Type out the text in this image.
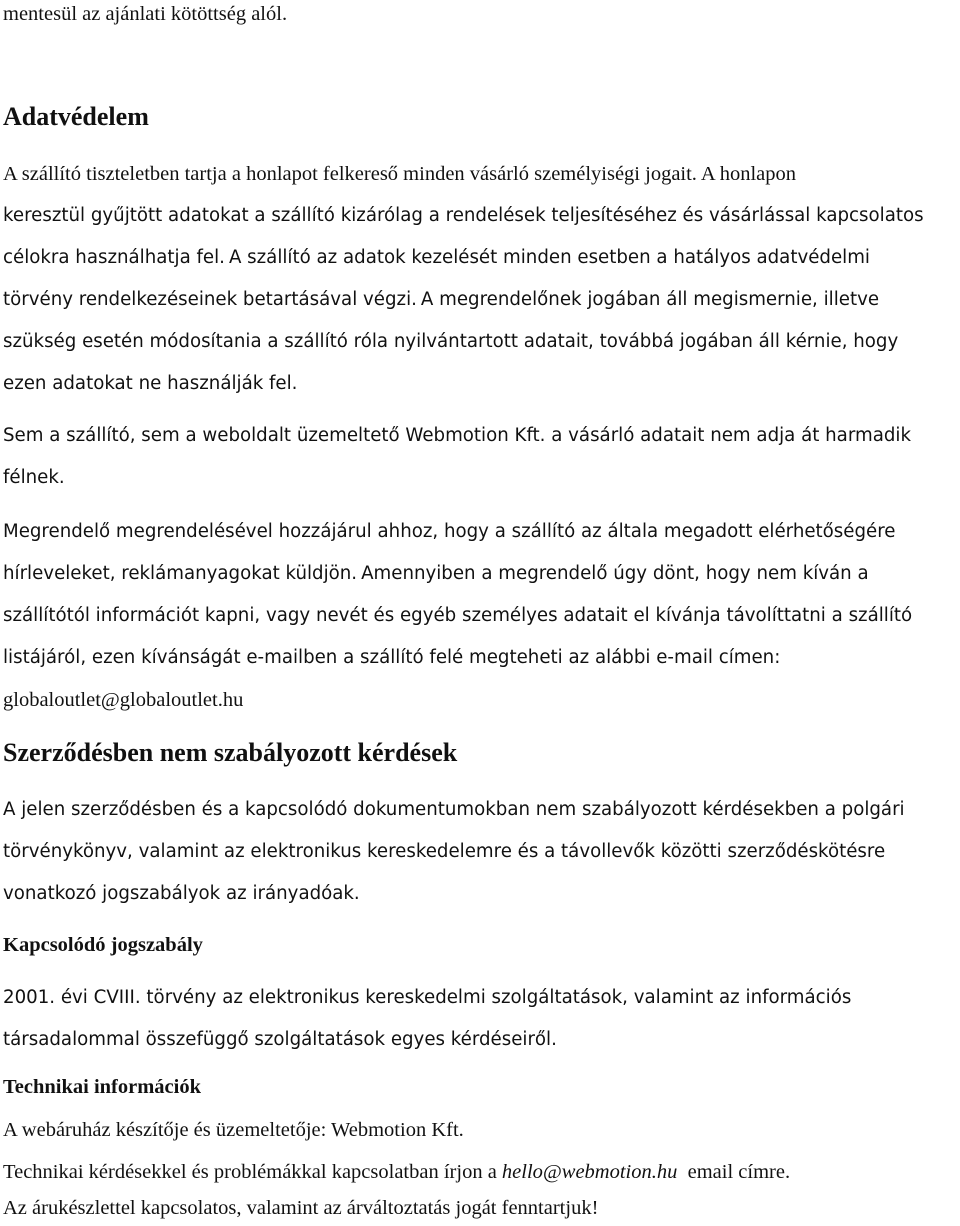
mentesül az ajánlati kötöttség alól.
Adatvédelem
A szállító tiszteletben tartja a honlapot felkereső minden vásárló személyiségi jogait. A honlapon
keresztül gyűjtött adatokat a szállító kizárólag a rendelések teljesítéséhez és vásárlással kapcsolatos
célokra használhatja fel. A szállító az adatok kezelését minden esetben a hatályos adatvédelmi
törvény rendelkezéseinek betartásával végzi. A megrendelőnek jogában áll megismernie, illetve
szükség esetén módosítania a szállító róla nyilvántartott adatait, továbbá jogában áll kérnie, hogy
ezen adatokat ne használják fel.
Sem a szállító, sem a weboldalt üzemeltető Webmotion Kft. a vásárló adatait nem adja át harmadik
félnek.
Megrendelő megrendelésével hozzájárul ahhoz, hogy a szállító az általa megadott elérhetőségére
hírleveleket, reklámanyagokat küldjön. Amennyiben a megrendelő úgy dönt, hogy nem kíván a
szállítótól információt kapni, vagy nevét és egyéb személyes adatait el kívánja távolíttatni a szállító
listájáról, ezen kívánságát e-mailben a szállító felé megteheti az alábbi e-mail címen:
globaloutlet@globaloutlet.hu
Szerződésben nem szabályozott kérdések
A jelen szerződésben és a kapcsolódó dokumentumokban nem szabályozott kérdésekben a polgári
törvénykönyv, valamint az elektronikus kereskedelemre és a távollevők közötti szerződéskötésre
vonatkozó jogszabályok az irányadóak.
Kapcsolódó jogszabály
2001. évi CVIII. törvény az elektronikus kereskedelmi szolgáltatások, valamint az információs
társadalommal összefüggő szolgáltatások egyes kérdéseiről.
Technikai információk
A webáruház készítője és üzemeltetője: Webmotion Kft.
Technikai kérdésekkel és problémákkal kapcsolatban írjon a hello@webmotion.hu email címre.
Az árukészlettel kapcsolatos, valamint az árváltoztatás jogát fenntartjuk!
